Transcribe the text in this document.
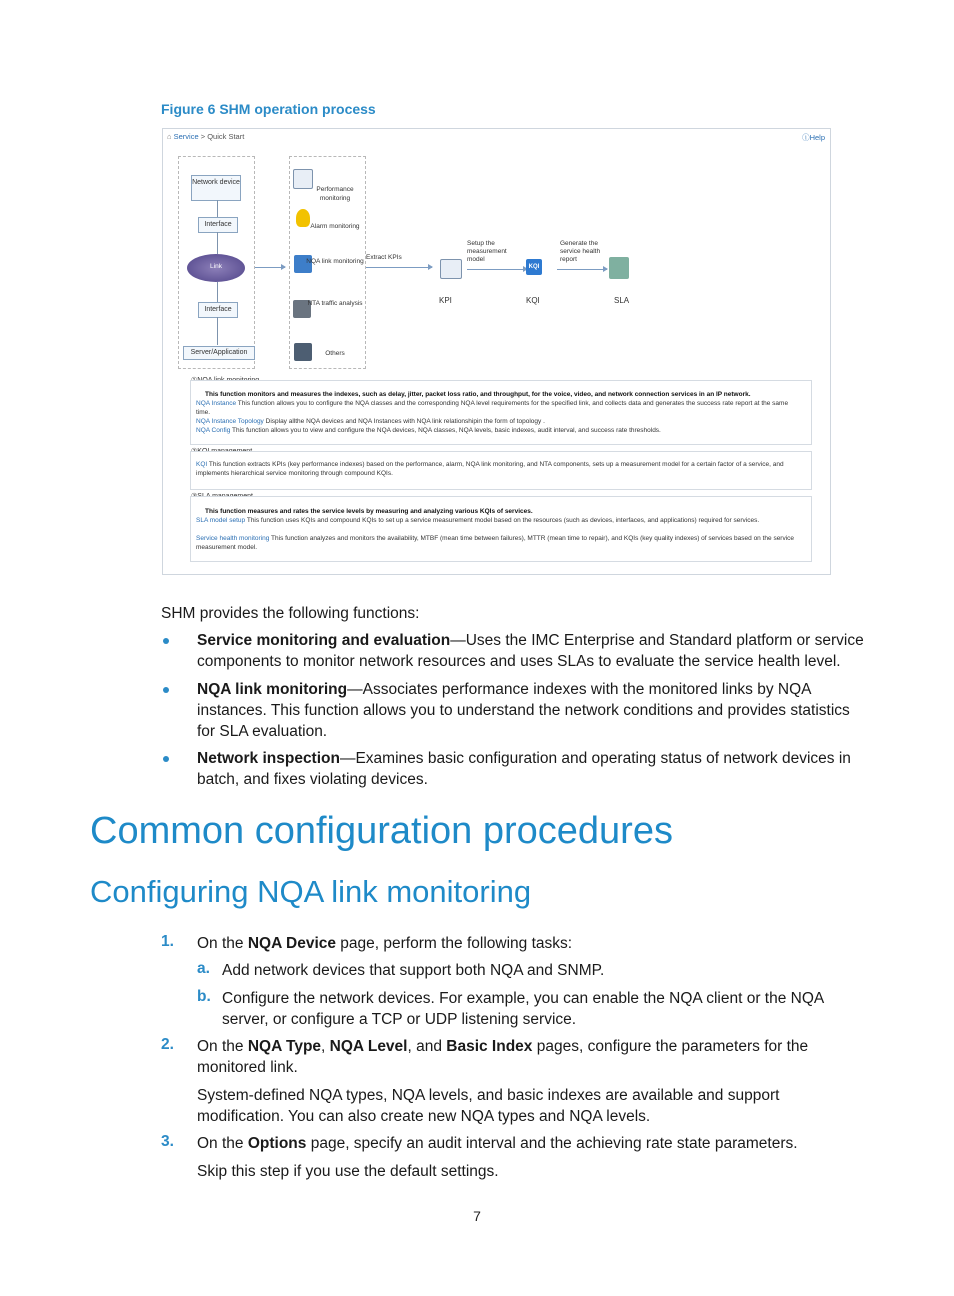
Figure 6 SHM operation process
⌂ Service > Quick Start	ⓘHelp
Network device
Interface
Link
Interface
Server/Application
Performance monitoring
Alarm monitoring
NQA link monitoring
NTA traffic analysis
Others
Extract KPIs
KPI
Setup the measurement model
KQI
KQI
Generate the service health report
SLA
This function monitors and measures the indexes, such as delay, jitter, packet loss ratio, and throughput, for the voice, video, and network connection services in an IP network.
NQA Instance This function allows you to configure the NQA classes and the corresponding NQA level requirements for the specified link, and collects data and generates the success rate report at the same time.
NQA Instance Topology Display allthe NQA devices and NQA Instances with NQA link relationshipin the form of topology .
NQA Config This function allows you to view and configure the NQA devices, NQA classes, NQA levels, basic indexes, audit interval, and success rate thresholds.
KQI This function extracts KPIs (key performance indexes) based on the performance, alarm, NQA link monitoring, and NTA components, sets up a measurement model for a certain factor of a service, and implements hierarchical service monitoring through compound KQIs.
This function measures and rates the service levels by measuring and analyzing various KQIs of services.
SLA model setup This function uses KQIs and compound KQIs to set up a service measurement model based on the resources (such as devices, interfaces, and applications) required for services.
Service health monitoring This function analyzes and monitors the availability, MTBF (mean time between failures), MTTR (mean time to repair), and KQIs (key quality indexes) of services based on the service measurement model.
SHM provides the following functions:
Service monitoring and evaluation—Uses the IMC Enterprise and Standard platform or service components to monitor network resources and uses SLAs to evaluate the service health level.
NQA link monitoring—Associates performance indexes with the monitored links by NQA instances. This function allows you to understand the network conditions and provides statistics for SLA evaluation.
Network inspection—Examines basic configuration and operating status of network devices in batch, and fixes violating devices.
Common configuration procedures
Configuring NQA link monitoring
1. On the NQA Device page, perform the following tasks:
a. Add network devices that support both NQA and SNMP.
b. Configure the network devices. For example, you can enable the NQA client or the NQA server, or configure a TCP or UDP listening service.
2. On the NQA Type, NQA Level, and Basic Index pages, configure the parameters for the monitored link.
System-defined NQA types, NQA levels, and basic indexes are available and support modification. You can also create new NQA types and NQA levels.
3. On the Options page, specify an audit interval and the achieving rate state parameters.
Skip this step if you use the default settings.
7
